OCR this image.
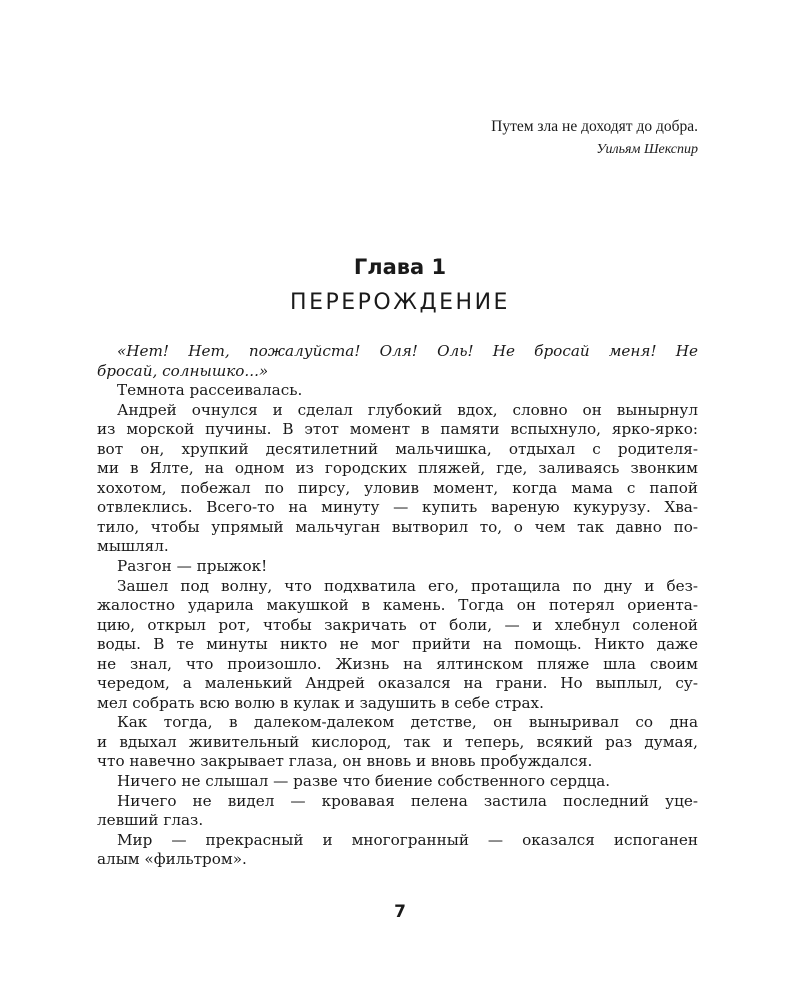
Путем зла не доходят до добра.
Уильям Шекспир
Глава 1
ПЕРЕРОЖДЕНИЕ
«Нет! Нет, пожалуйста! Оля! Оль! Не бросай меня! Не
бросай, солнышко...»
Темнота рассеивалась.
Андрей очнулся и сделал глубокий вдох, словно он вынырнул
из морской пучины. В этот момент в памяти вспыхнуло, ярко-ярко:
вот он, хрупкий десятилетний мальчишка, отдыхал с родителя-
ми в Ялте, на одном из городских пляжей, где, заливаясь звонким
хохотом, побежал по пирсу, уловив момент, когда мама с папой
отвлеклись. Всего-то на минуту — купить вареную кукурузу. Хва-
тило, чтобы упрямый мальчуган вытворил то, о чем так давно по-
мышлял.
Разгон — прыжок!
Зашел под волну, что подхватила его, протащила по дну и без-
жалостно ударила макушкой в камень. Тогда он потерял ориента-
цию, открыл рот, чтобы закричать от боли, — и хлебнул соленой
воды. В те минуты никто не мог прийти на помощь. Никто даже
не знал, что произошло. Жизнь на ялтинском пляже шла своим
чередом, а маленький Андрей оказался на грани. Но выплыл, су-
мел собрать всю волю в кулак и задушить в себе страх.
Как тогда, в далеком-далеком детстве, он выныривал со дна
и вдыхал живительный кислород, так и теперь, всякий раз думая,
что навечно закрывает глаза, он вновь и вновь пробуждался.
Ничего не слышал — разве что биение собственного сердца.
Ничего не видел — кровавая пелена застила последний уце-
левший глаз.
Мир — прекрасный и многогранный — оказался испоганен
алым «фильтром».
7
